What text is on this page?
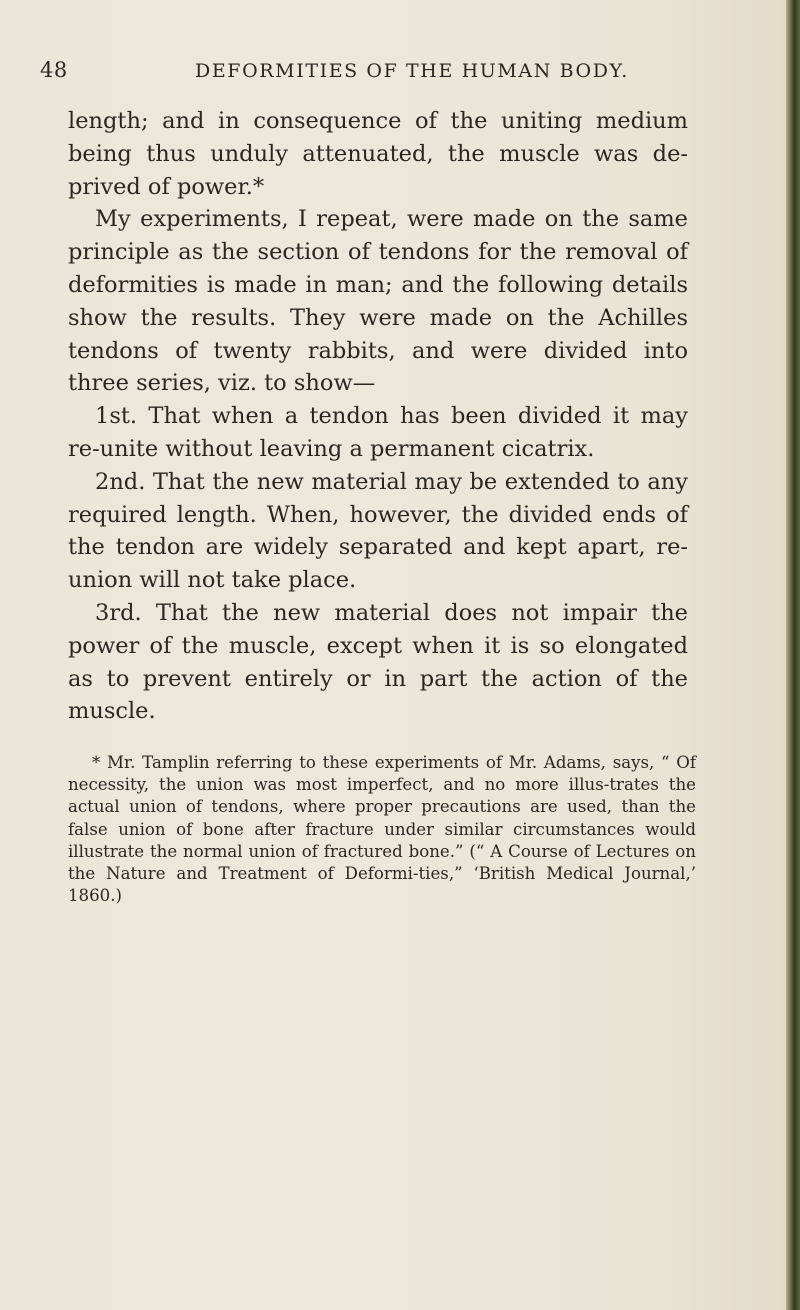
48	DEFORMITIES OF THE HUMAN BODY.

length; and in consequence of the uniting medium being thus unduly attenuated, the muscle was de-prived of power.*

My experiments, I repeat, were made on the same principle as the section of tendons for the removal of deformities is made in man; and the following details show the results. They were made on the Achilles tendons of twenty rabbits, and were divided into three series, viz. to show—

1st. That when a tendon has been divided it may re-unite without leaving a permanent cicatrix.

2nd. That the new material may be extended to any required length. When, however, the divided ends of the tendon are widely separated and kept apart, re-union will not take place.

3rd. That the new material does not impair the power of the muscle, except when it is so elongated as to prevent entirely or in part the action of the muscle.

* Mr. Tamplin referring to these experiments of Mr. Adams, says, “ Of necessity, the union was most imperfect, and no more illus-trates the actual union of tendons, where proper precautions are used, than the false union of bone after fracture under similar circumstances would illustrate the normal union of fractured bone.” (“ A Course of Lectures on the Nature and Treatment of Deformi-ties,” ‘British Medical Journal,’ 1860.)
